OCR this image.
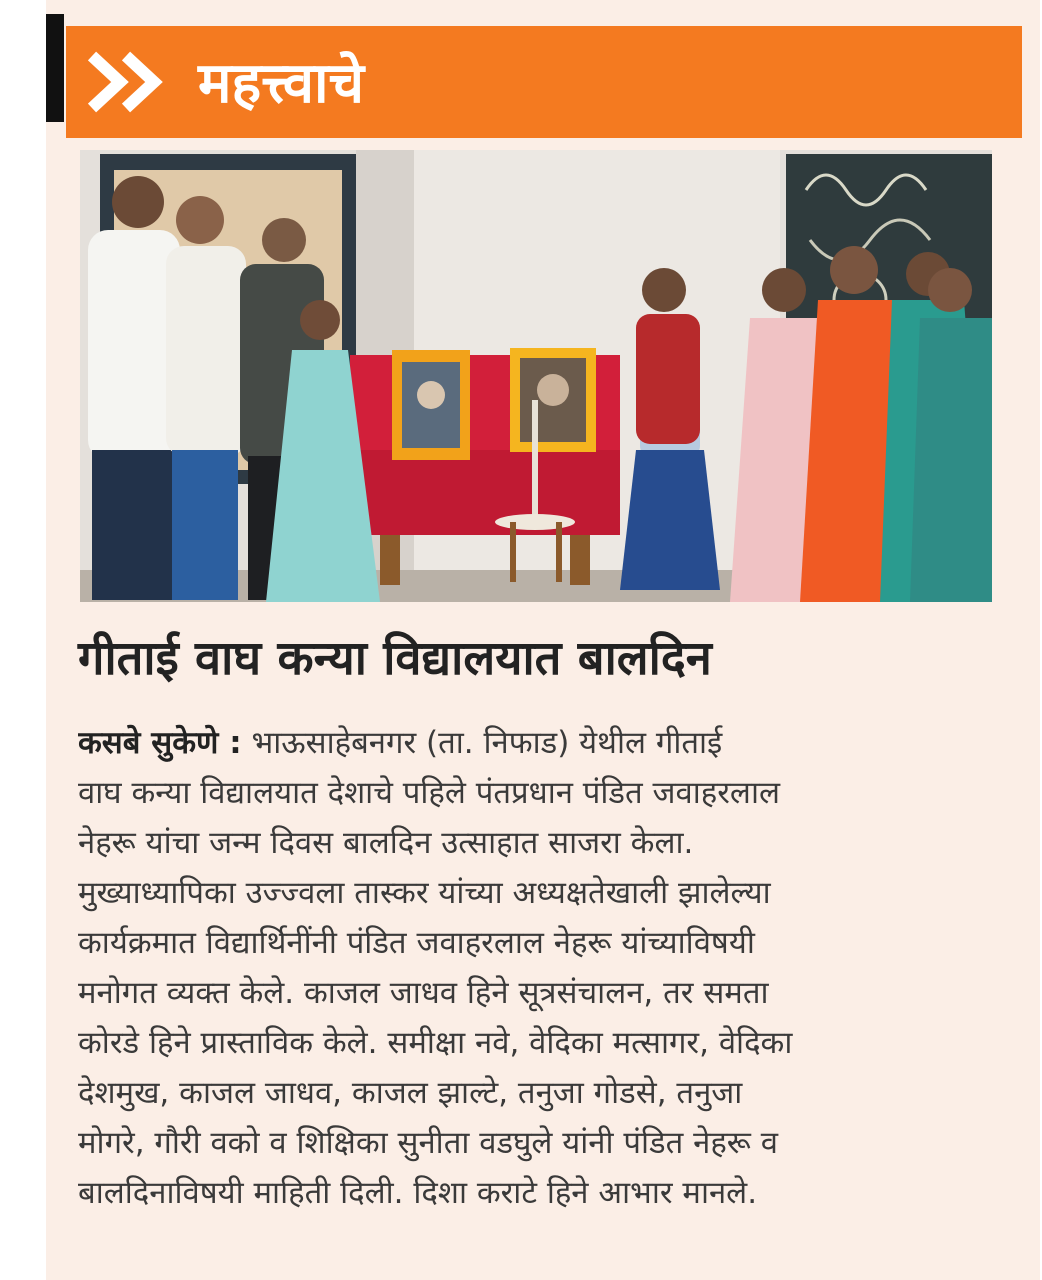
महत्त्वाचे
गीताई वाघ कन्या विद्यालयात बालदिन
कसबे सुकेणे : भाऊसाहेबनगर (ता. निफाड) येथील गीताई
वाघ कन्या विद्यालयात देशाचे पहिले पंतप्रधान पंडित जवाहरलाल
नेहरू यांचा जन्म दिवस बालदिन उत्साहात साजरा केला.
मुख्याध्यापिका उज्ज्वला तास्कर यांच्या अध्यक्षतेखाली झालेल्या
कार्यक्रमात विद्यार्थिनींनी पंडित जवाहरलाल नेहरू यांच्याविषयी
मनोगत व्यक्त केले. काजल जाधव हिने सूत्रसंचालन, तर समता
कोरडे हिने प्रास्ताविक केले. समीक्षा नवे, वेदिका मत्सागर, वेदिका
देशमुख, काजल जाधव, काजल झाल्टे, तनुजा गोडसे, तनुजा
मोगरे, गौरी वको व शिक्षिका सुनीता वडघुले यांनी पंडित नेहरू व
बालदिनाविषयी माहिती दिली. दिशा कराटे हिने आभार मानले.
